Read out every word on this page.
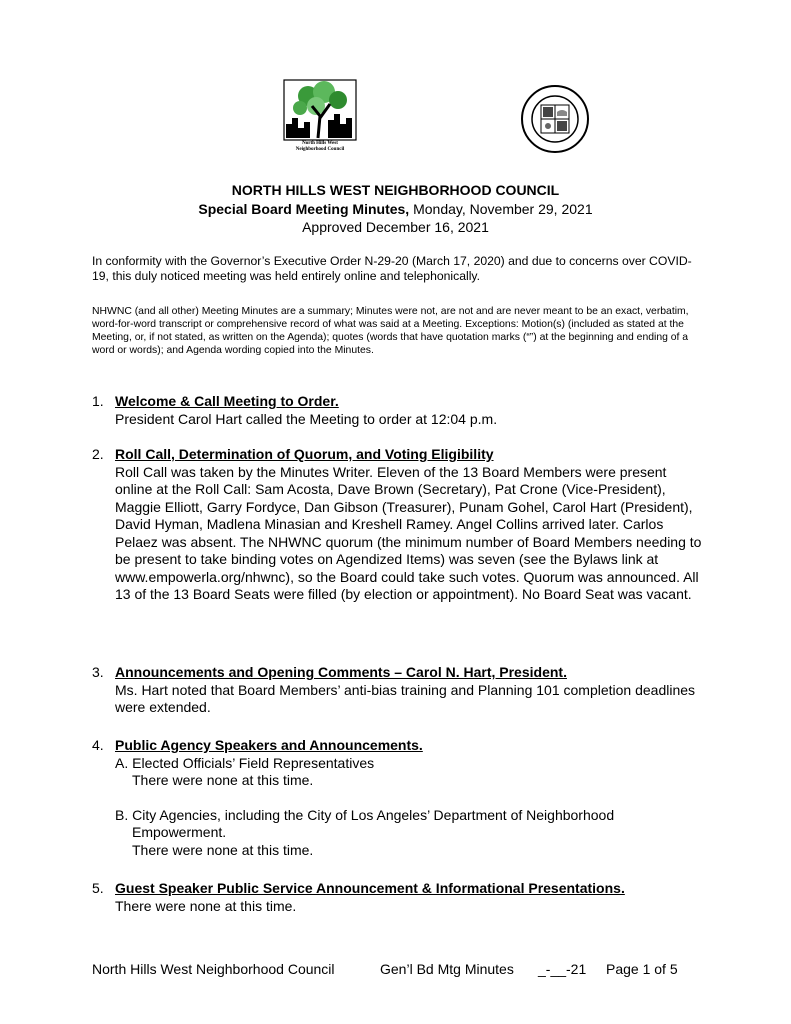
North Hills West
Neighborhood Council
NORTH HILLS WEST NEIGHBORHOOD COUNCIL
Special Board Meeting Minutes, Monday, November 29, 2021
Approved December 16, 2021
In conformity with the Governor’s Executive Order N-29-20 (March 17, 2020) and due to concerns over COVID-19, this duly noticed meeting was held entirely online and telephonically.
NHWNC (and all other) Meeting Minutes are a summary; Minutes were not, are not and are never meant to be an exact, verbatim, word-for-word transcript or comprehensive record of what was said at a Meeting. Exceptions: Motion(s) (included as stated at the Meeting, or, if not stated, as written on the Agenda); quotes (words that have quotation marks (“”) at the beginning and ending of a word or words); and Agenda wording copied into the Minutes.
1. Welcome & Call Meeting to Order.
President Carol Hart called the Meeting to order at 12:04 p.m.
2. Roll Call, Determination of Quorum, and Voting Eligibility
Roll Call was taken by the Minutes Writer. Eleven of the 13 Board Members were present online at the Roll Call: Sam Acosta, Dave Brown (Secretary), Pat Crone (Vice-President), Maggie Elliott, Garry Fordyce, Dan Gibson (Treasurer), Punam Gohel, Carol Hart (President), David Hyman, Madlena Minasian and Kreshell Ramey. Angel Collins arrived later. Carlos Pelaez was absent. The NHWNC quorum (the minimum number of Board Members needing to be present to take binding votes on Agendized Items) was seven (see the Bylaws link at www.empowerla.org/nhwnc), so the Board could take such votes. Quorum was announced. All 13 of the 13 Board Seats were filled (by election or appointment). No Board Seat was vacant.
3. Announcements and Opening Comments – Carol N. Hart, President.
Ms. Hart noted that Board Members’ anti-bias training and Planning 101 completion deadlines were extended.
4. Public Agency Speakers and Announcements.
A. Elected Officials’ Field Representatives
There were none at this time.
B. City Agencies, including the City of Los Angeles’ Department of Neighborhood
Empowerment.
There were none at this time.
5. Guest Speaker Public Service Announcement & Informational Presentations.
There were none at this time.
North Hills West Neighborhood Council	Gen’l Bd Mtg Minutes _-__-21 Page 1 of 5
